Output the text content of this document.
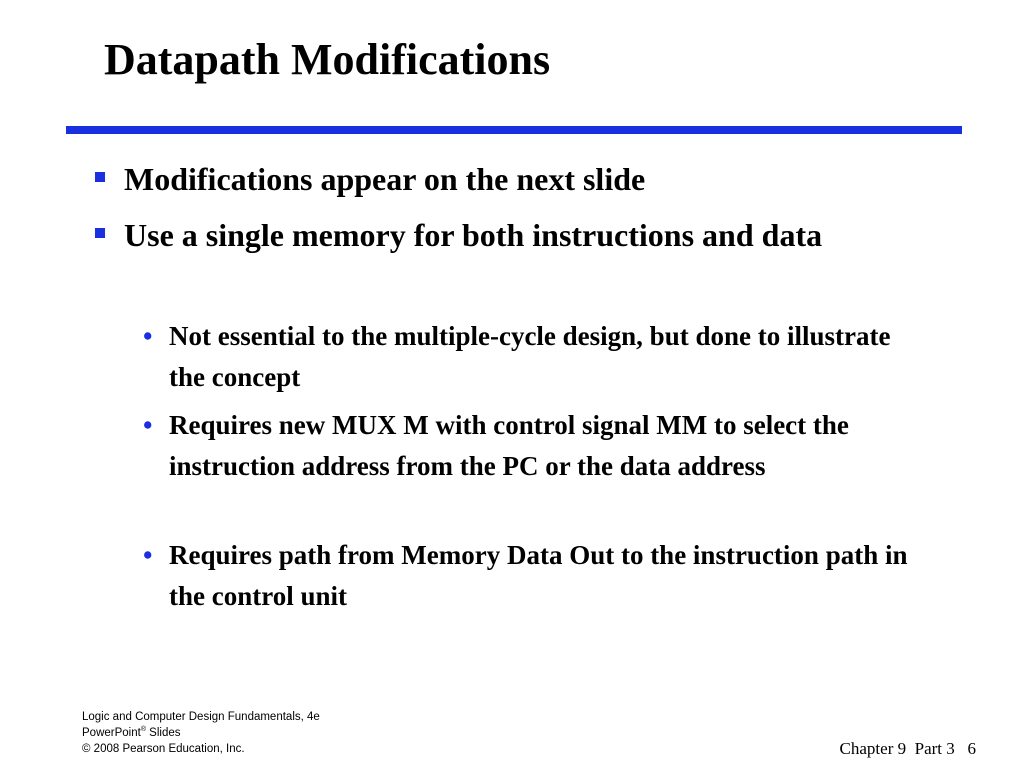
Datapath Modifications
Modifications appear on the next slide
Use a single memory for both instructions and data
• Not essential to the multiple-cycle design, but done to illustrate the concept
• Requires new MUX M with control signal MM to select the instruction address from the PC or the data address
• Requires path from Memory Data Out to the instruction path in the control unit
Logic and Computer Design Fundamentals, 4e
PowerPoint® Slides
© 2008 Pearson Education, Inc.	Chapter 9  Part 3 6
